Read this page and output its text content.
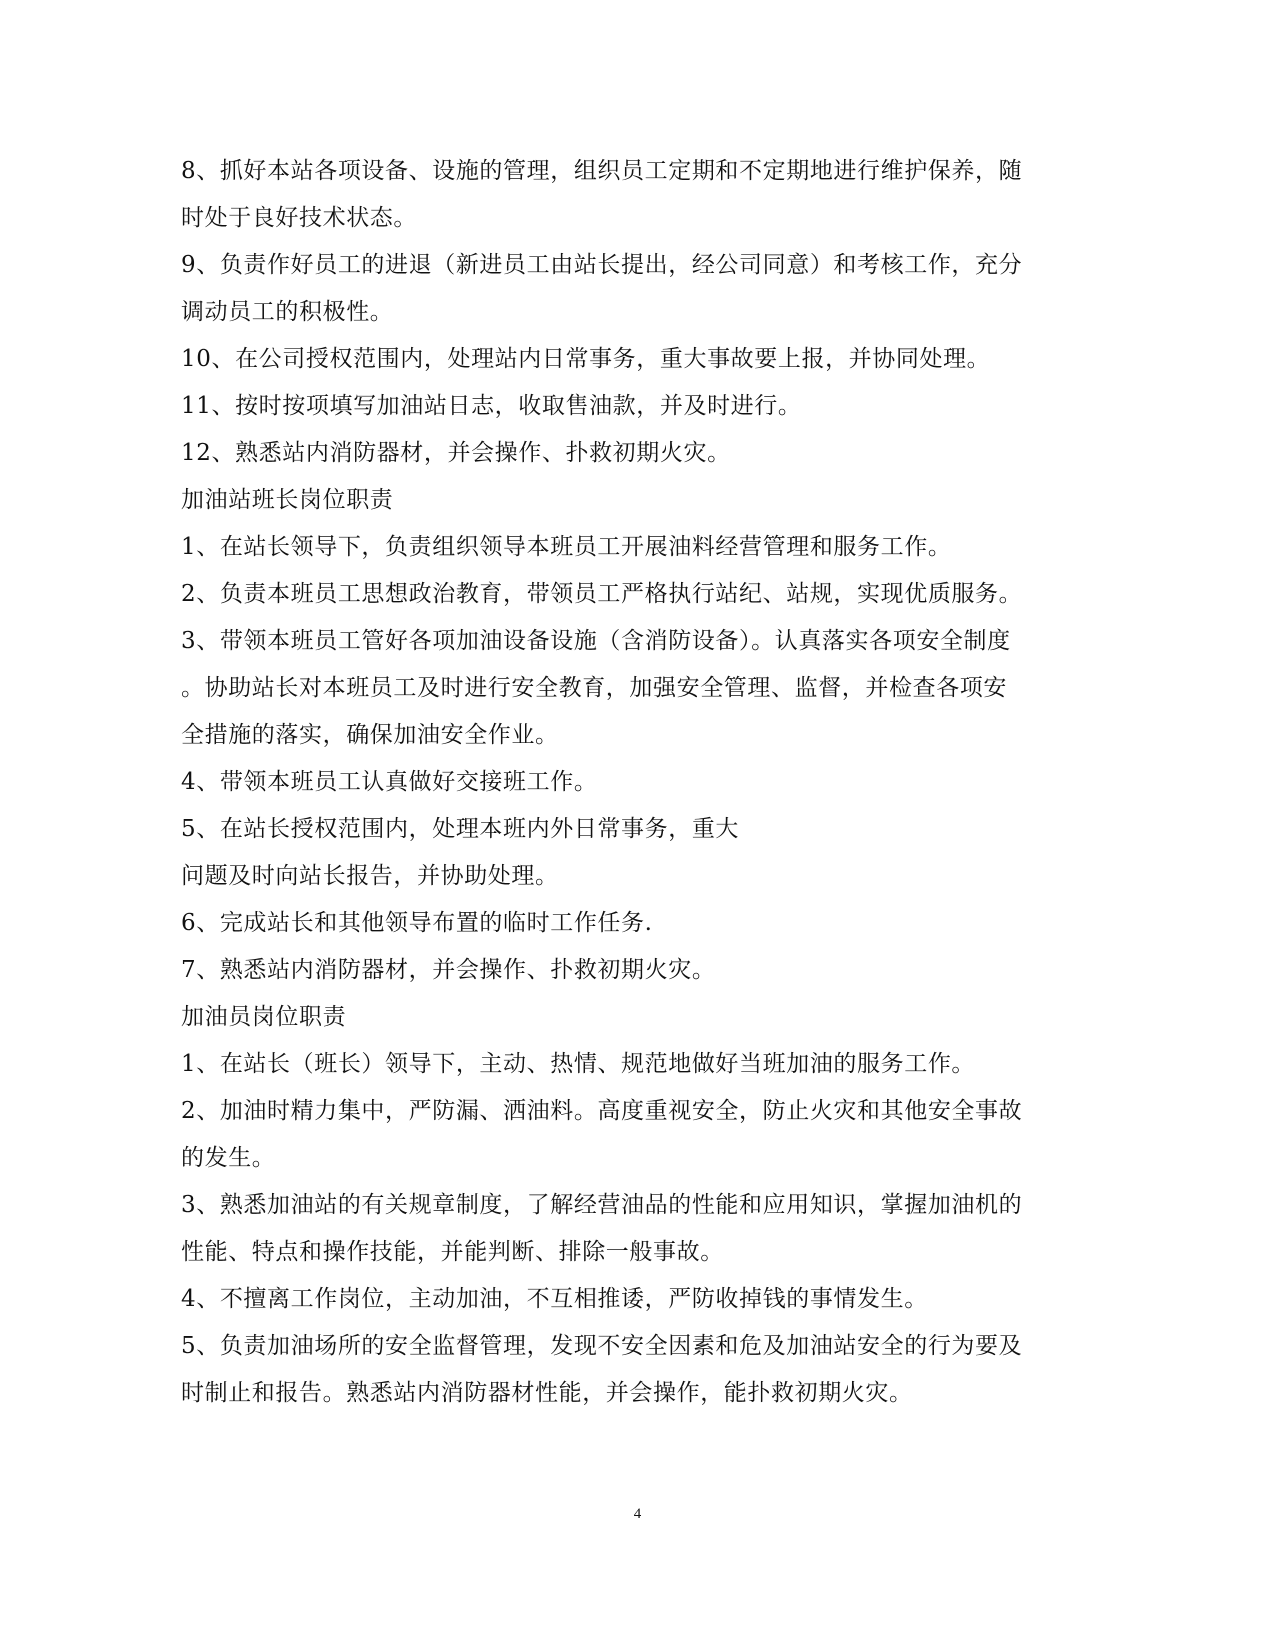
8、抓好本站各项设备、设施的管理，组织员工定期和不定期地进行维护保养，随
时处于良好技术状态。
9、负责作好员工的进退（新进员工由站长提出，经公司同意）和考核工作，充分
调动员工的积极性。
10、在公司授权范围内，处理站内日常事务，重大事故要上报，并协同处理。
11、按时按项填写加油站日志，收取售油款，并及时进行。
12、熟悉站内消防器材，并会操作、扑救初期火灾。
加油站班长岗位职责
1、在站长领导下，负责组织领导本班员工开展油料经营管理和服务工作。
2、负责本班员工思想政治教育，带领员工严格执行站纪、站规，实现优质服务。
3、带领本班员工管好各项加油设备设施（含消防设备）。认真落实各项安全制度
。协助站长对本班员工及时进行安全教育，加强安全管理、监督，并检查各项安
全措施的落实，确保加油安全作业。
4、带领本班员工认真做好交接班工作。
5、在站长授权范围内，处理本班内外日常事务，重大
问题及时向站长报告，并协助处理。
6、完成站长和其他领导布置的临时工作任务.
7、熟悉站内消防器材，并会操作、扑救初期火灾。
加油员岗位职责
1、在站长（班长）领导下，主动、热情、规范地做好当班加油的服务工作。
2、加油时精力集中，严防漏、洒油料。高度重视安全，防止火灾和其他安全事故
的发生。
3、熟悉加油站的有关规章制度，了解经营油品的性能和应用知识，掌握加油机的
性能、特点和操作技能，并能判断、排除一般事故。
4、不擅离工作岗位，主动加油，不互相推诿，严防收掉钱的事情发生。
5、负责加油场所的安全监督管理，发现不安全因素和危及加油站安全的行为要及
时制止和报告。熟悉站内消防器材性能，并会操作，能扑救初期火灾。
4
